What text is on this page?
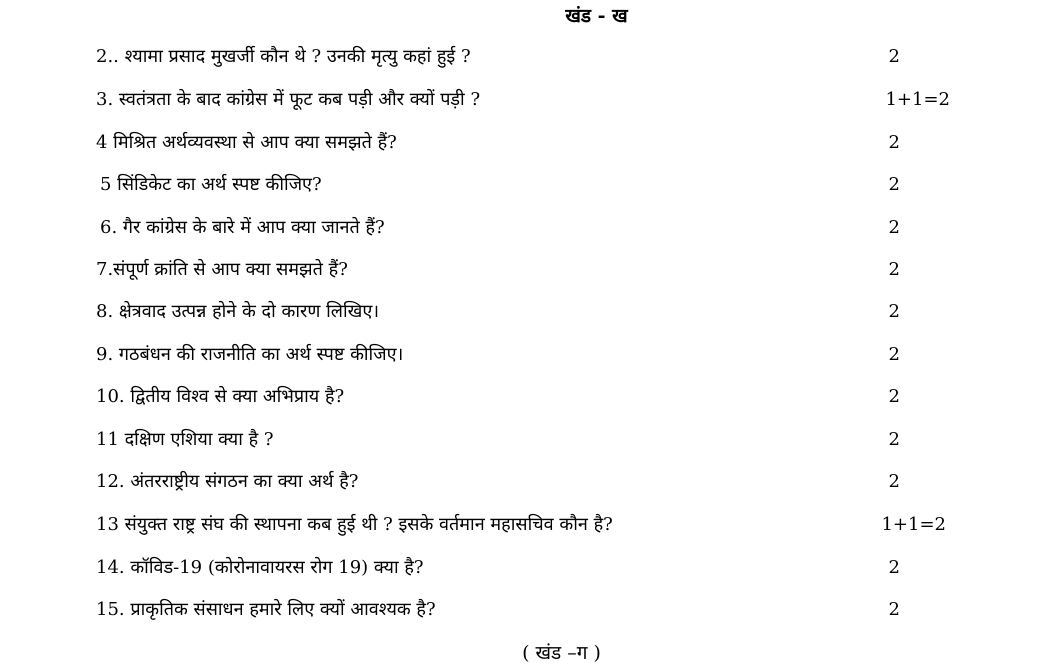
खंड - ख
2.. श्यामा प्रसाद मुखर्जी कौन थे ? उनकी मृत्यु कहां हुई ?	2
3. स्वतंत्रता के बाद कांग्रेस में फूट कब पड़ी और क्यों पड़ी ?	1+1=2
4 मिश्रित अर्थव्यवस्था से आप क्या समझते हैं?	2
5 सिंडिकेट का अर्थ स्पष्ट कीजिए?	2
6. गैर कांग्रेस के बारे में आप क्या जानते हैं?	2
7.संपूर्ण क्रांति से आप क्या समझते हैं?	2
8. क्षेत्रवाद उत्पन्न होने के दो कारण लिखिए।	2
9. गठबंधन की राजनीति का अर्थ स्पष्ट कीजिए।	2
10. द्वितीय विश्व से क्या अभिप्राय है?	2
11 दक्षिण एशिया क्या है ?	2
12. अंतरराष्ट्रीय संगठन का क्या अर्थ है?	2
13 संयुक्त राष्ट्र संघ की स्थापना कब हुई थी ? इसके वर्तमान महासचिव कौन है?	1+1=2
14. कॉविड-19 (कोरोनावायरस रोग 19) क्या है?	2
15. प्राकृतिक संसाधन हमारे लिए क्यों आवश्यक है?	2
( खंड –ग )
